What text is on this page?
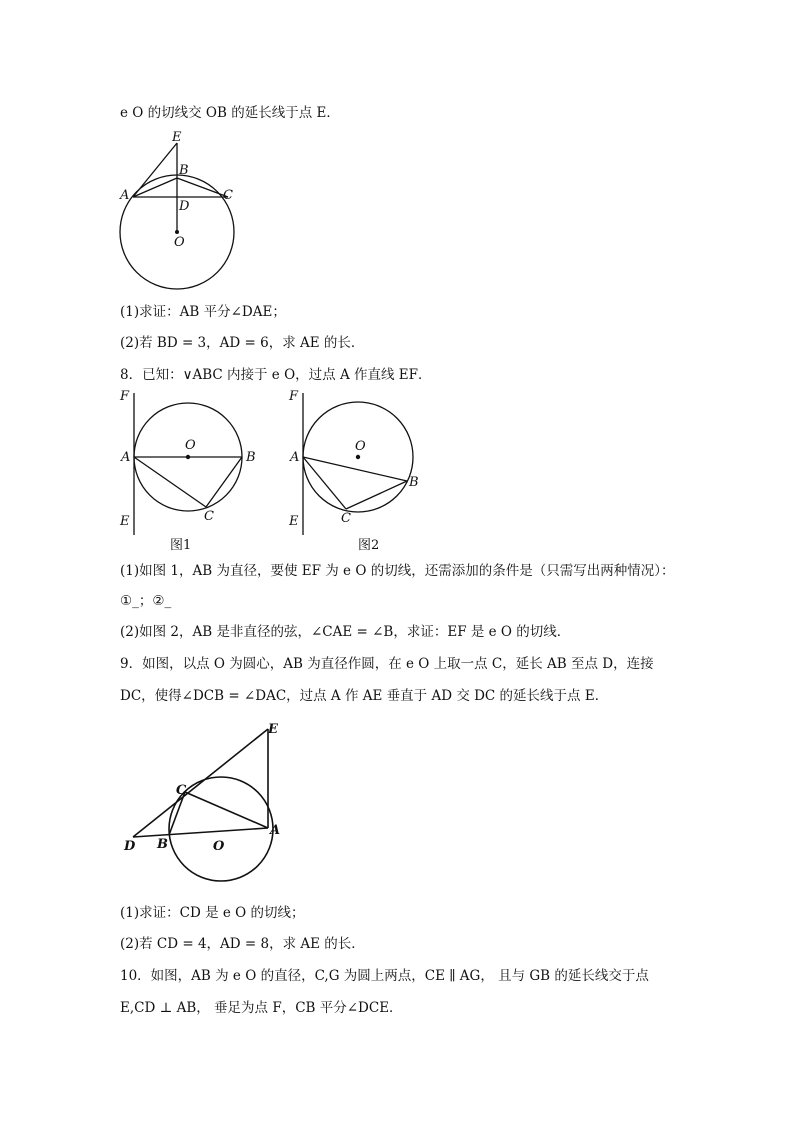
e O 的切线交 OB 的延长线于点 E．
E
B
A	C
D
O
(1)求证：AB 平分∠DAE；
(2)若 BD = 3，AD = 6，求 AE 的长．
8．已知：∨ABC 内接于 e O，过点 A 作直线 EF．
F
O
A	B
E	C
图1
F
O
A
B
E	C
图2
(1)如图 1，AB 为直径，要使 EF 为 e O 的切线，还需添加的条件是（只需写出两种情况）：
①_；②_
(2)如图 2，AB 是非直径的弦，∠CAE = ∠B，求证：EF 是 e O 的切线．
9．如图，以点 O 为圆心，AB 为直径作圆，在 e O 上取一点 C，延长 AB 至点 D，连接
DC，使得∠DCB = ∠DAC，过点 A 作 AE 垂直于 AD 交 DC 的延长线于点 E．
E
C
D B	O
A
(1)求证：CD 是 e O 的切线；
(2)若 CD = 4，AD = 8，求 AE 的长．
10．如图，AB 为 e O 的直径，C,G 为圆上两点，CE ∥ AG， 且与 GB 的延长线交于点
E,CD ⊥ AB， 垂足为点 F，CB 平分∠DCE．
